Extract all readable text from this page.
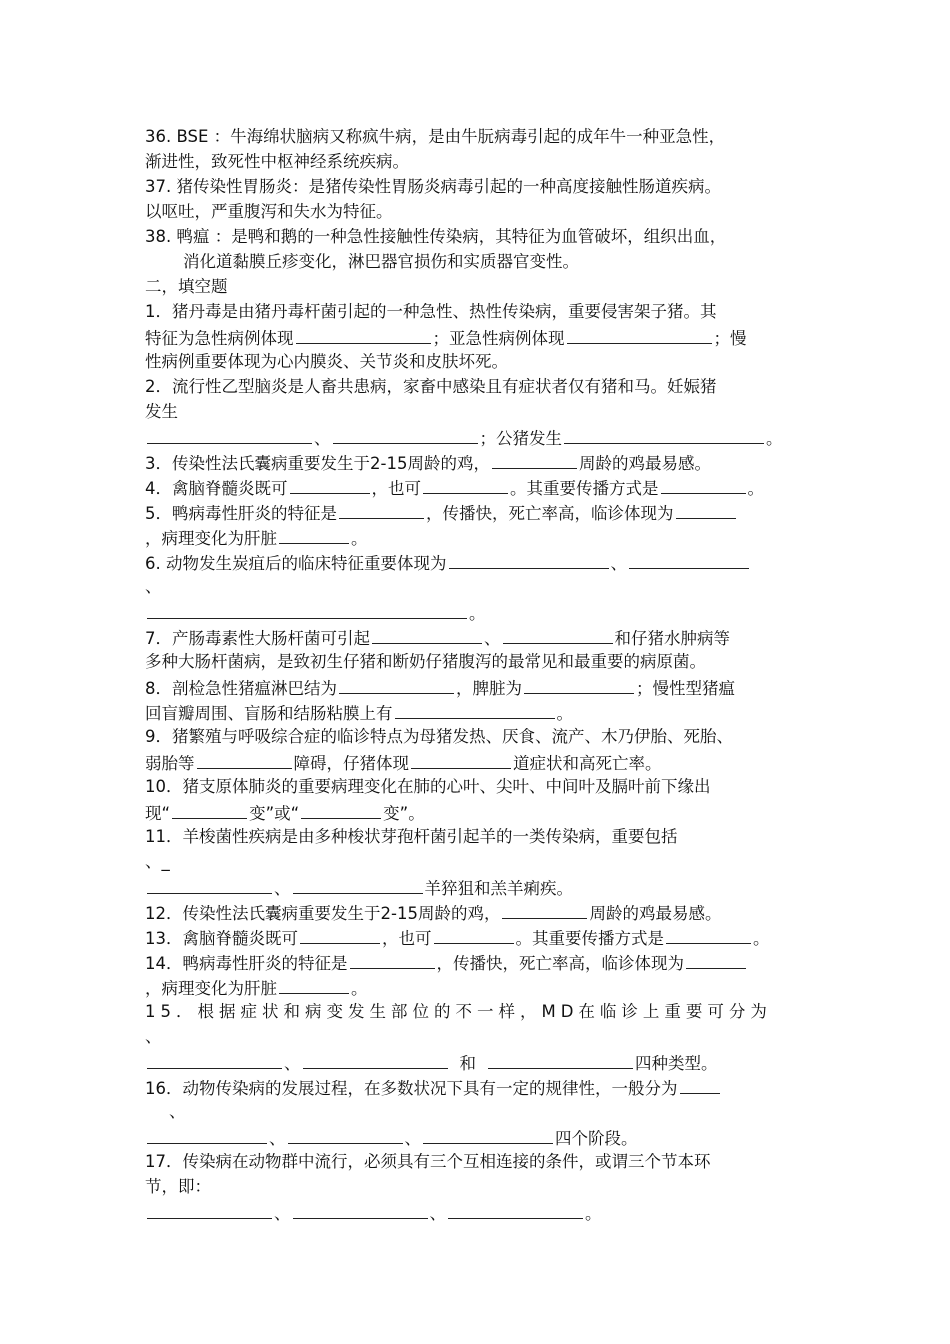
36. BSE ：牛海绵状脑病又称疯牛病，是由牛朊病毒引起的成年牛一种亚急性，
渐进性，致死性中枢神经系统疾病。
37. 猪传染性胃肠炎：是猪传染性胃肠炎病毒引起的一种高度接触性肠道疾病。
以呕吐，严重腹泻和失水为特征。
38. 鸭瘟 ：是鸭和鹅的一种急性接触性传染病，其特征为血管破坏，组织出血，
消化道黏膜丘疹变化，淋巴器官损伤和实质器官变性。
二，填空题
1．猪丹毒是由猪丹毒杆菌引起的一种急性、热性传染病，重要侵害架子猪。其
特征为急性病例体现	；亚急性病例体现	；慢
性病例重要体现为心内膜炎、关节炎和皮肤坏死。
2．流行性乙型脑炎是人畜共患病，家畜中感染且有症状者仅有猪和马。妊娠猪
发生
、	；公猪发生	。
3．传染性法氏囊病重要发生于2-15周龄的鸡，	周龄的鸡最易感。
4．禽脑脊髓炎既可	，也可	。其重要传播方式是	。
5．鸭病毒性肝炎的特征是	，传播快，死亡率高，临诊体现为
，病理变化为肝脏	。
6. 动物发生炭疽后的临床特征重要体现为	、
、
。
7．产肠毒素性大肠杆菌可引起	、	和仔猪水肿病等
多种大肠杆菌病，是致初生仔猪和断奶仔猪腹泻的最常见和最重要的病原菌。
8．剖检急性猪瘟淋巴结为	，脾脏为	；慢性型猪瘟
回盲瓣周围、盲肠和结肠粘膜上有	。
9．猪繁殖与呼吸综合症的临诊特点为母猪发热、厌食、流产、木乃伊胎、死胎、
弱胎等	障碍，仔猪体现	道症状和高死亡率。
10．猪支原体肺炎的重要病理变化在肺的心叶、尖叶、中间叶及膈叶前下缘出
现“	变”或“	变”。
11．羊梭菌性疾病是由多种梭状芽孢杆菌引起羊的一类传染病，重要包括
、_
、	羊猝狙和羔羊痢疾。
12．传染性法氏囊病重要发生于2-15周龄的鸡，	周龄的鸡最易感。
13．禽脑脊髓炎既可	，也可	。其重要传播方式是	。
14．鸭病毒性肝炎的特征是	，传播快，死亡率高，临诊体现为
，病理变化为肝脏	。
15．根据症状和病变发生部位的不一样，MD在临诊上重要可分为
、
、	和	四种类型。
16．动物传染病的发展过程，在多数状况下具有一定的规律性，一般分为
、
、	、	四个阶段。
17．传染病在动物群中流行，必须具有三个互相连接的条件，或谓三个节本环
节，即：
、	、	。
